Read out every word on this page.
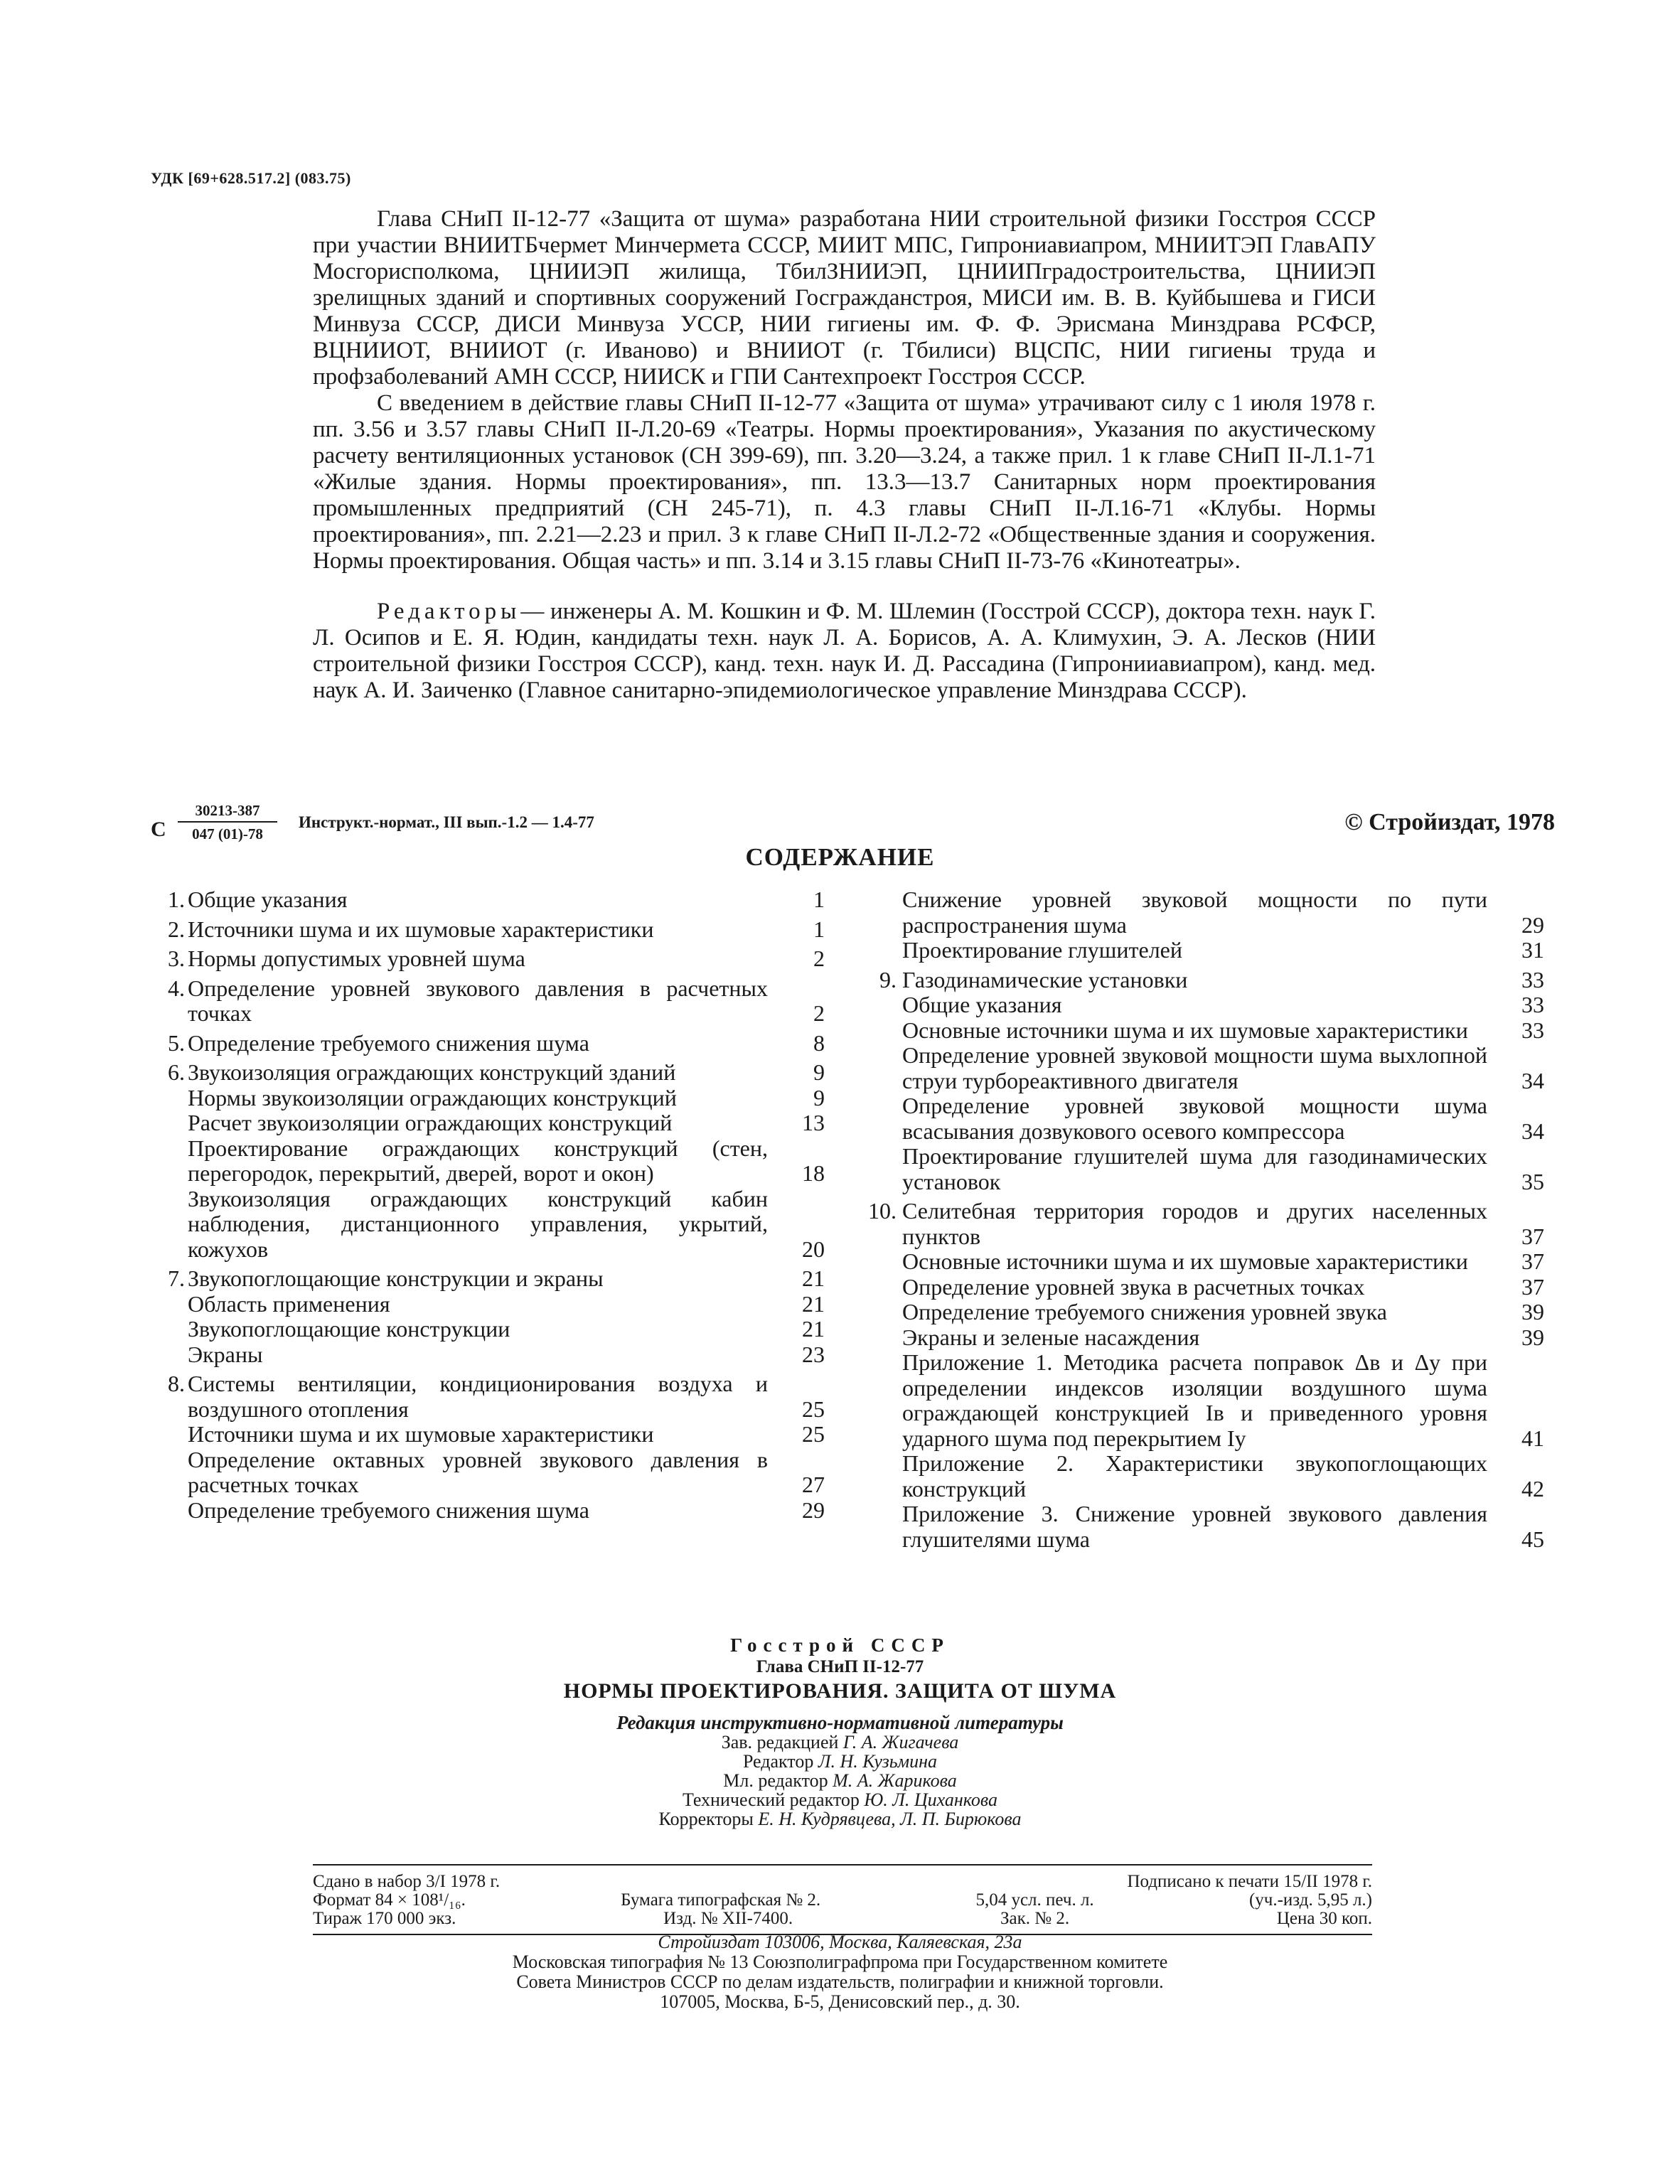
УДК [69+628.517.2] (083.75)

Глава СНиП II-12-77 «Защита от шума» разработана НИИ строительной физики Госстроя СССР при участии ВНИИТБчермет Минчермета СССР, МИИТ МПС, Гипрониавиапром, МНИИТЭП ГлавАПУ Мосгорисполкома, ЦНИИЭП жилища, ТбилЗНИИЭП, ЦНИИПградостроительства, ЦНИИЭП зрелищных зданий и спортивных сооружений Госгражданстроя, МИСИ им. В. В. Куйбышева и ГИСИ Минвуза СССР, ДИСИ Минвуза УССР, НИИ гигиены им. Ф. Ф. Эрисмана Минздрава РСФСР, ВЦНИИОТ, ВНИИОТ (г. Иваново) и ВНИИОТ (г. Тбилиси) ВЦСПС, НИИ гигиены труда и профзаболеваний АМН СССР, НИИСК и ГПИ Сантехпроект Госстроя СССР.

С введением в действие главы СНиП II-12-77 «Защита от шума» утрачивают силу с 1 июля 1978 г. пп. 3.56 и 3.57 главы СНиП II-Л.20-69 «Театры. Нормы проектирования», Указания по акустическому расчету вентиляционных установок (СН 399-69), пп. 3.20—3.24, а также прил. 1 к главе СНиП II-Л.1-71 «Жилые здания. Нормы проектирования», пп. 13.3—13.7 Санитарных норм проектирования промышленных предприятий (СН 245-71), п. 4.3 главы СНиП II-Л.16-71 «Клубы. Нормы проектирования», пп. 2.21—2.23 и прил. 3 к главе СНиП II-Л.2-72 «Общественные здания и сооружения. Нормы проектирования. Общая часть» и пп. 3.14 и 3.15 главы СНиП II-73-76 «Кинотеатры».

Редакторы— инженеры А. М. Кошкин и Ф. М. Шлемин (Госстрой СССР), доктора техн. наук Г. Л. Осипов и Е. Я. Юдин, кандидаты техн. наук Л. А. Борисов, А. А. Климухин, Э. А. Лесков (НИИ строительной физики Госстроя СССР), канд. техн. наук И. Д. Рассадина (Гипронииавиапром), канд. мед. наук А. И. Заиченко (Главное санитарно-эпидемиологическое управление Минздрава СССР).

С $\frac{30213-387}{047 (01)-78}$ Инструкт.-нормат., III вып.-1.2 — 1.4-77	© Стройиздат, 1978
СОДЕРЖАНИЕ
1. Общие указания	1
2. Источники шума и их шумовые характеристики	1
3. Нормы допустимых уровней шума	2
4. Определение уровней звукового давления в расчетных точках	2
5. Определение требуемого снижения шума	8
6. Звукоизоляция ограждающих конструкций зданий	9
Нормы звукоизоляции ограждающих конструкций	9
Расчет звукоизоляции ограждающих конструкций	13
Проектирование ограждающих конструкций (стен, перегородок, перекрытий, дверей, ворот и окон)	18
Звукоизоляция ограждающих конструкций кабин наблюдения, дистанционного управления, укрытий, кожухов	20
7. Звукопоглощающие конструкции и экраны	21
Область применения	21
Звукопоглощающие конструкции	21
Экраны	23
8. Системы вентиляции, кондиционирования воздуха и воздушного отопления	25
Источники шума и их шумовые характеристики	25
Определение октавных уровней звукового давления в расчетных точках	27
Определение требуемого снижения шума	29
Снижение уровней звуковой мощности по пути распространения шума	29
Проектирование глушителей	31
9. Газодинамические установки	33
Общие указания	33
Основные источники шума и их шумовые характеристики	33
Определение уровней звуковой мощности шума выхлопной струи турбореактивного двигателя	34
Определение уровней звуковой мощности шума всасывания дозвукового осевого компрессора	34
Проектирование глушителей шума для газодинамических установок	35
10. Селитебная территория городов и других населенных пунктов	37
Основные источники шума и их шумовые характеристики	37
Определение уровней звука в расчетных точках	37
Определение требуемого снижения уровней звука	39
Экраны и зеленые насаждения	39
Приложение 1. Методика расчета поправок Δв и Δу при определении индексов изоляции воздушного шума ограждающей конструкцией Iв и приведенного уровня ударного шума под перекрытием Iу	41
Приложение 2. Характеристики звукопоглощающих конструкций	42
Приложение 3. Снижение уровней звукового давления глушителями шума	45
Госстрой СССР
Глава СНиП II-12-77
НОРМЫ ПРОЕКТИРОВАНИЯ. ЗАЩИТА ОТ ШУМА
Редакция инструктивно-нормативной литературы
Зав. редакцией Г. А. Жигачева
Редактор Л. Н. Кузьмина
Мл. редактор М. А. Жарикова
Технический редактор Ю. Л. Циханкова
Корректоры Е. Н. Кудрявцева, Л. П. Бирюкова
Сдано в набор 3/I 1978 г.	Подписано к печати 15/II 1978 г.
Формат 84 × 108¹/₁₆.	Бумага типографская № 2.	5,04 усл. печ. л.	(уч.-изд. 5,95 л.)
Тираж 170 000 экз.	Изд. № XII-7400.	Зак. № 2.	Цена 30 коп.
Стройиздат 103006, Москва, Каляевская, 23а
Московская типография № 13 Союзполиграфпрома при Государственном комитете
Совета Министров СССР по делам издательств, полиграфии и книжной торговли.
107005, Москва, Б-5, Денисовский пер., д. 30.
